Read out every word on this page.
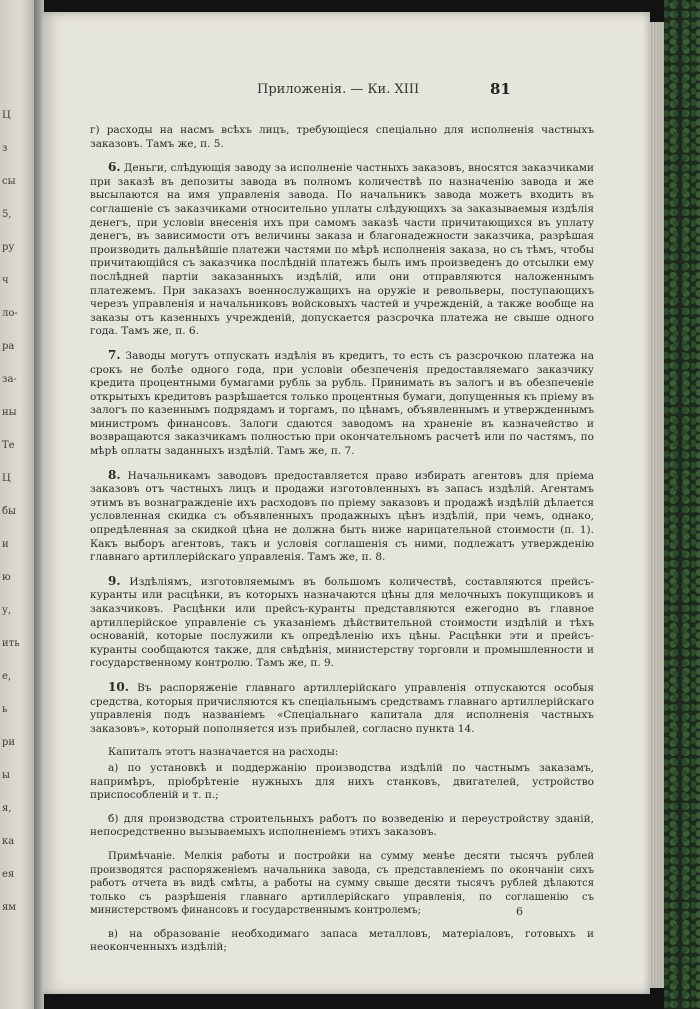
Ц
з
сы
5,
ру
ч
ло-
ра
за-
ны
Те
Ц
бы
и
ю
у,
ить
е,
ь
ри
ы
я,
ка
ея
ям
Приложенія. — Ки. XIII	81

г) расходы на насмъ всѣхъ лицъ, требующіеся спеціально для исполненія частныхъ заказовъ. Тамъ же, п. 5.

6. Деньги, слѣдующія заводу за исполненіе частныхъ заказовъ, вносятся заказчиками при заказѣ въ депозиты завода въ полномъ количествѣ по назначенію завода и же высылаются на имя управленія завода. По начальникъ завода можетъ входить въ соглашеніе съ заказчиками относительно уплаты слѣдующихъ за заказываемыя издѣлія денегъ, при условіи внесенія ихъ при самомъ заказѣ части причитающихся въ уплату денегъ, въ зависимости отъ величины заказа и благонадежности заказчика, разрѣшая производить дальнѣйшіе платежи частями по мѣрѣ исполненія заказа, но съ тѣмъ, чтобы причитающійся съ заказчика послѣдній платежъ былъ имъ произведенъ до отсылки ему послѣдней партіи заказанныхъ издѣлій, или они отправляются наложеннымъ платежемъ. При заказахъ военнослужащихъ на оружіе и револьверы, поступающихъ черезъ управленія и начальниковъ войсковыхъ частей и учрежденій, а также вообще на заказы отъ казенныхъ учрежденій, допускается разсрочка платежа не свыше одного года. Тамъ же, п. 6.

7. Заводы могутъ отпускать издѣлія въ кредитъ, то есть съ разсрочкою платежа на срокъ не болѣе одного года, при условіи обезпеченія предоставляемаго заказчику кредита процентными бумагами рубль за рубль. Принимать въ залогъ и въ обезпеченіе открытыхъ кредитовъ разрѣшается только процентныя бумаги, допущенныя къ пріему въ залогъ по казеннымъ подрядамъ и торгамъ, по цѣнамъ, объявленнымъ и утвержденнымъ министромъ финансовъ. Залоги сдаются заводомъ на храненіе въ казначейство и возвращаются заказчикамъ полностью при окончательномъ расчетѣ или по частямъ, по мѣрѣ оплаты заданныхъ издѣлій. Тамъ же, п. 7.

8. Начальникамъ заводовъ предоставляется право избирать агентовъ для пріема заказовъ отъ частныхъ лицъ и продажи изготовленныхъ въ запасъ издѣлій. Агентамъ этимъ въ вознагражденіе ихъ расходовъ по пріему заказовъ и продажѣ издѣлій дѣлается условленная скидка съ объявленныхъ продажныхъ цѣнъ издѣлій, при чемъ, однако, опредѣленная за скидкой цѣна не должна быть ниже нарицательной стоимости (п. 1). Какъ выборъ агентовъ, такъ и условія соглашенія съ ними, подлежатъ утвержденію главнаго артиллерійскаго управленія. Тамъ же, п. 8.

9. Издѣліямъ, изготовляемымъ въ большомъ количествѣ, составляются прейсъ-куранты или расцѣнки, въ которыхъ назначаются цѣны для мелочныхъ покупщиковъ и заказчиковъ. Расцѣнки или прейсъ-куранты представляются ежегодно въ главное артиллерійское управленіе съ указаніемъ дѣйствительной стоимости издѣлій и тѣхъ основаній, которые послужили къ опредѣленію ихъ цѣны. Расцѣнки эти и прейсъ-куранты сообщаются также, для свѣдѣнія, министерству торговли и промышленности и государственному контролю. Тамъ же, п. 9.

10. Въ распоряженіе главнаго артиллерійскаго управленія отпускаются особыя средства, которыя причисляются къ спеціальнымъ средствамъ главнаго артиллерійскаго управленія подъ названіемъ «Спеціальнаго капитала для исполненія частныхъ заказовъ», который пополняется изъ прибылей, согласно пункта 14.

Капиталъ этотъ назначается на расходы:

а) по установкѣ и поддержанію производства издѣлій по частнымъ заказамъ, напримѣръ, пріобрѣтеніе нужныхъ для нихъ станковъ, двигателей, устройство приспособленій и т. п.;

б) для производства строительныхъ работъ по возведенію и переустройству зданій, непосредственно вызываемыхъ исполненіемъ этихъ заказовъ.

Примѣчаніе. Мелкія работы и постройки на сумму менѣе десяти тысячъ рублей производятся распоряженіемъ начальника завода, съ представленіемъ по окончаніи сихъ работъ отчета въ видѣ смѣты, а работы на сумму свыше десяти тысячъ рублей дѣлаются только съ разрѣшенія главнаго артиллерійскаго управленія, по соглашенію съ министерствомъ финансовъ и государственнымъ контролемъ;

в) на образованіе необходимаго запаса металловъ, матеріаловъ, готовыхъ и неоконченныхъ издѣлій;

6
